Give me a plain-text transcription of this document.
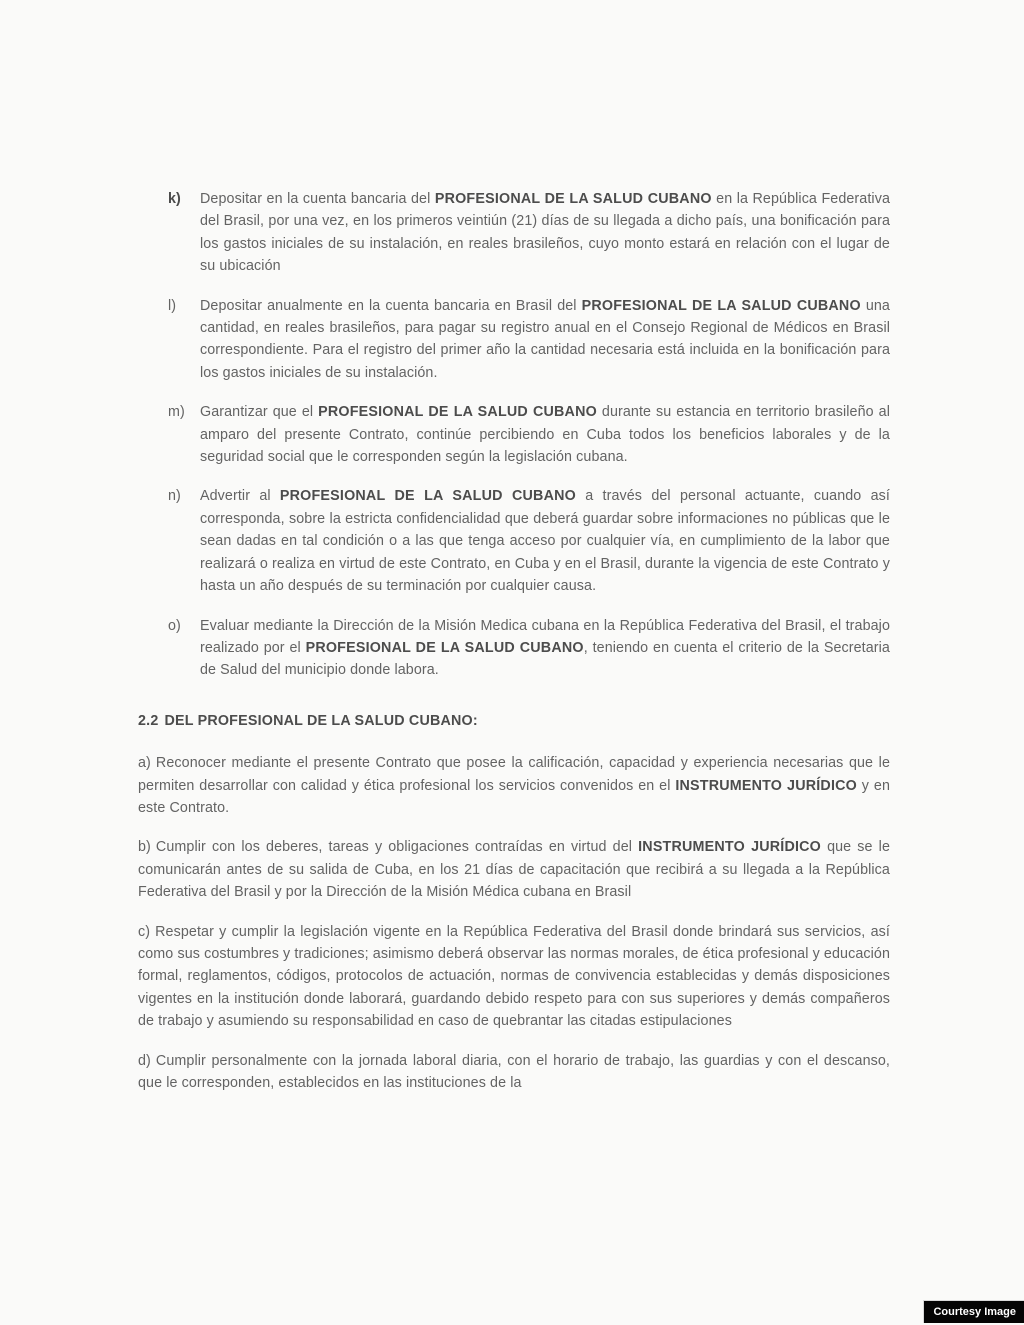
k)	Depositar en la cuenta bancaria del PROFESIONAL DE LA SALUD CUBANO en la República Federativa del Brasil, por una vez, en los primeros veintiún (21) días de su llegada a dicho país, una bonificación para los gastos iniciales de su instalación, en reales brasileños, cuyo monto estará en relación con el lugar de su ubicación
l)	Depositar anualmente en la cuenta bancaria en Brasil del PROFESIONAL DE LA SALUD CUBANO una cantidad, en reales brasileños, para pagar su registro anual en el Consejo Regional de Médicos en Brasil correspondiente. Para el registro del primer año la cantidad necesaria está incluida en la bonificación para los gastos iniciales de su instalación.
m)	Garantizar que el PROFESIONAL DE LA SALUD CUBANO durante su estancia en territorio brasileño al amparo del presente Contrato, continúe percibiendo en Cuba todos los beneficios laborales y de la seguridad social que le corresponden según la legislación cubana.
n)	Advertir al PROFESIONAL DE LA SALUD CUBANO a través del personal actuante, cuando así corresponda, sobre la estricta confidencialidad que deberá guardar sobre informaciones no públicas que le sean dadas en tal condición o a las que tenga acceso por cualquier vía, en cumplimiento de la labor que realizará o realiza en virtud de este Contrato, en Cuba y en el Brasil, durante la vigencia de este Contrato y hasta un año después de su terminación por cualquier causa.
o)	Evaluar mediante la Dirección de la Misión Medica cubana en la República Federativa del Brasil, el trabajo realizado por el PROFESIONAL DE LA SALUD CUBANO, teniendo en cuenta el criterio de la Secretaria de Salud del municipio donde labora.
2.2 DEL PROFESIONAL DE LA SALUD CUBANO:
a) Reconocer mediante el presente Contrato que posee la calificación, capacidad y experiencia necesarias que le permiten desarrollar con calidad y ética profesional los servicios convenidos en el INSTRUMENTO JURÍDICO y en este Contrato.
b) Cumplir con los deberes, tareas y obligaciones contraídas en virtud del INSTRUMENTO JURÍDICO que se le comunicarán antes de su salida de Cuba, en los 21 días de capacitación que recibirá a su llegada a la República Federativa del Brasil y por la Dirección de la Misión Médica cubana en Brasil
c) Respetar y cumplir la legislación vigente en la República Federativa del Brasil donde brindará sus servicios, así como sus costumbres y tradiciones; asimismo deberá observar las normas morales, de ética profesional y educación formal, reglamentos, códigos, protocolos de actuación, normas de convivencia establecidas y demás disposiciones vigentes en la institución donde laborará, guardando debido respeto para con sus superiores y demás compañeros de trabajo y asumiendo su responsabilidad en caso de quebrantar las citadas estipulaciones
d) Cumplir personalmente con la jornada laboral diaria, con el horario de trabajo, las guardias y con el descanso, que le corresponden, establecidos en las instituciones de la
Courtesy Image
